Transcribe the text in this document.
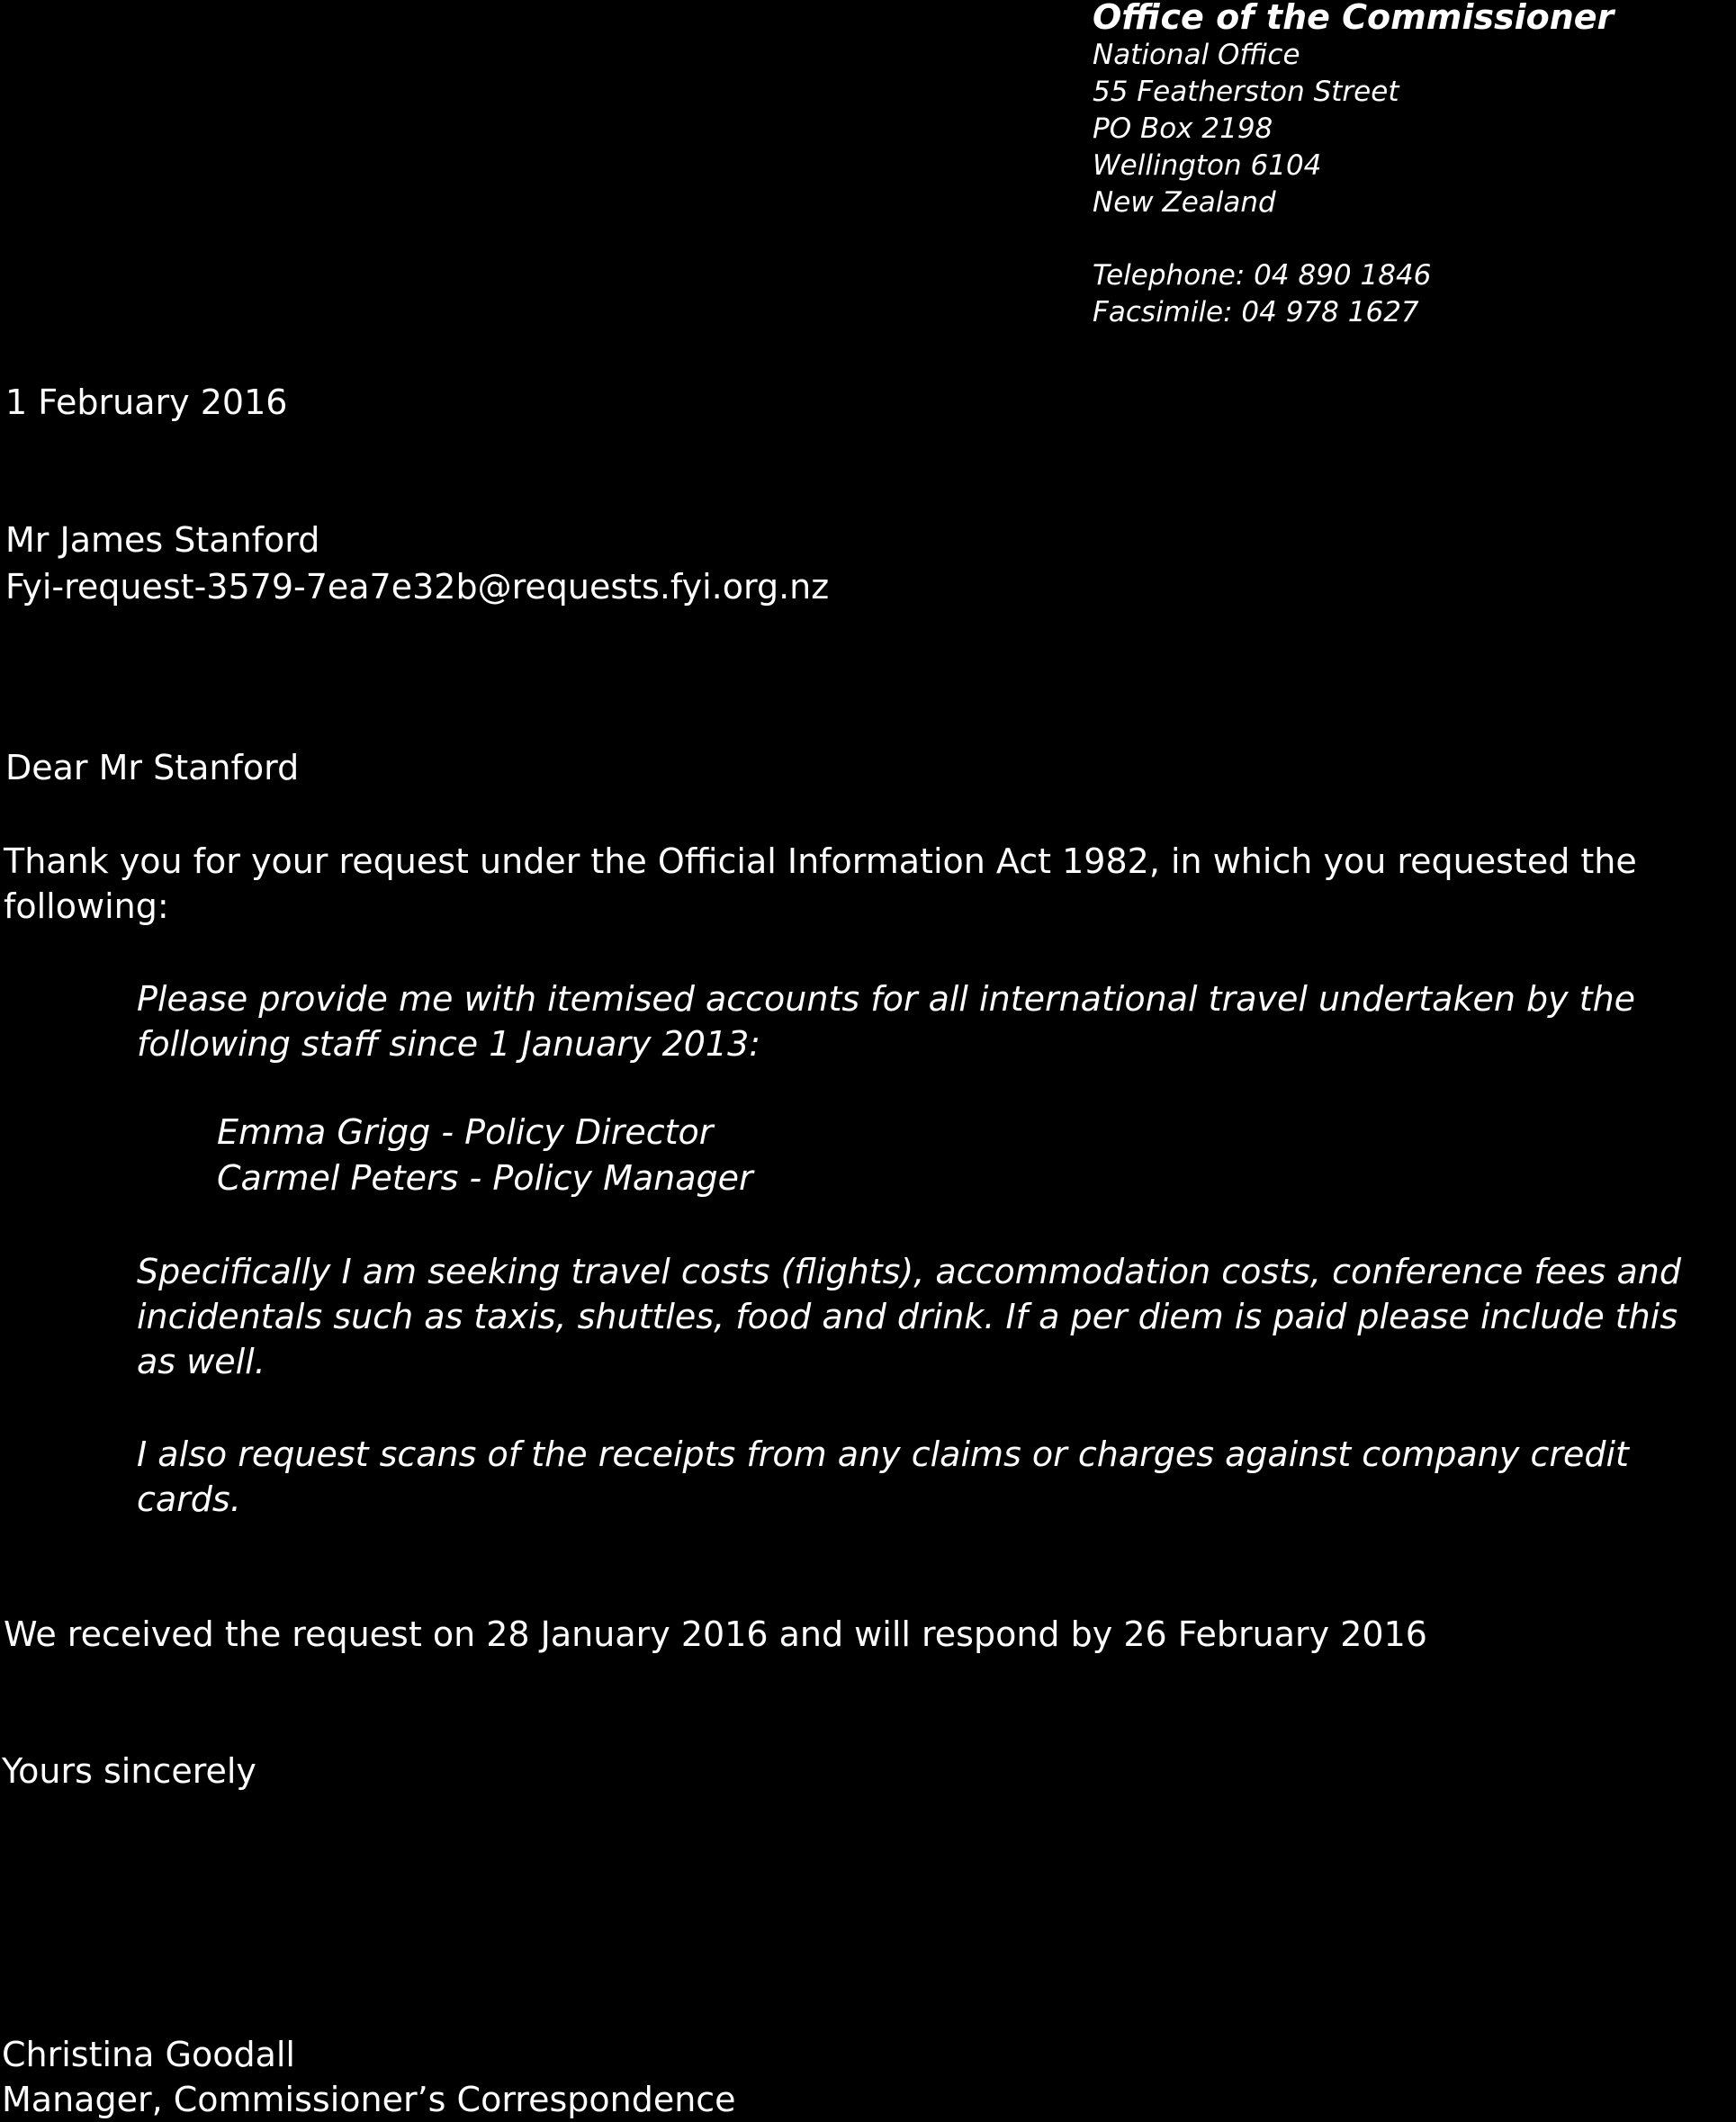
Office of the Commissioner
National Office
55 Featherston Street
PO Box 2198
Wellington 6104
New Zealand
Telephone: 04 890 1846
Facsimile: 04 978 1627
1 February 2016
Mr James Stanford
Fyi-request-3579-7ea7e32b@requests.fyi.org.nz
Dear Mr Stanford
Thank you for your request under the Official Information Act 1982, in which you requested the following:

Please provide me with itemised accounts for all international travel undertaken by the following staff since 1 January 2013:

Emma Grigg - Policy Director
Carmel Peters - Policy Manager

Specifically I am seeking travel costs (flights), accommodation costs, conference fees and incidentals such as taxis, shuttles, food and drink. If a per diem is paid please include this as well.

I also request scans of the receipts from any claims or charges against company credit cards.

We received the request on 28 January 2016 and will respond by 26 February 2016
Yours sincerely
Christina Goodall
Manager, Commissioner’s Correspondence
